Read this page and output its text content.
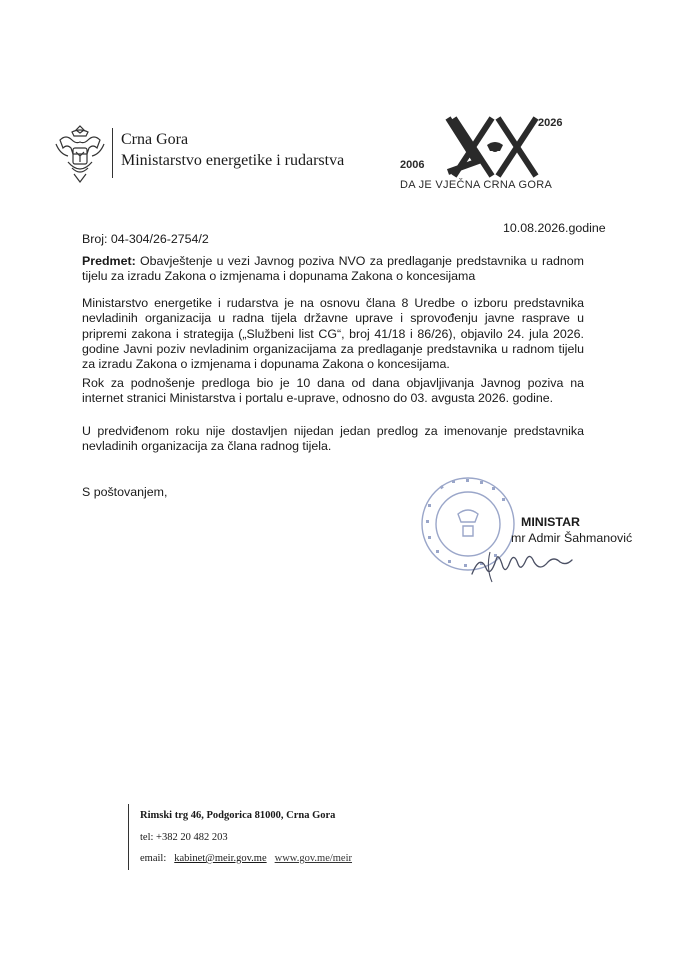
Crna Gora
Ministarstvo energetike i rudarstva
2026
2006
DA JE VJEČNA CRNA GORA
10.08.2026.godine
Broj: 04-304/26-2754/2

Predmet: Obavještenje u vezi Javnog poziva NVO za predlaganje predstavnika u radnom tijelu za izradu Zakona o izmjenama i dopunama Zakona o koncesijama

Ministarstvo energetike i rudarstva je na osnovu člana 8 Uredbe o izboru predstavnika nevladinih organizacija u radna tijela državne uprave i sprovođenju javne rasprave u pripremi zakona i strategija („Službeni list CG“, broj 41/18 i 86/26), objavilo 24. jula 2026. godine Javni poziv nevladinim organizacijama za predlaganje predstavnika u radnom tijelu za izradu Zakona o izmjenama i dopunama Zakona o koncesijama.

Rok za podnošenje predloga bio je 10 dana od dana objavljivanja Javnog poziva na internet stranici Ministarstva i portalu e-uprave, odnosno do 03. avgusta 2026. godine.

U predviđenom roku nije dostavljen nijedan jedan predlog za imenovanje predstavnika nevladinih organizacija za člana radnog tijela.

S poštovanjem,
MINISTAR
mr Admir Šahmanović
Rimski trg 46, Podgorica 81000, Crna Gora
tel: +382 20 482 203
email: kabinet@meir.gov.me www.gov.me/meir
